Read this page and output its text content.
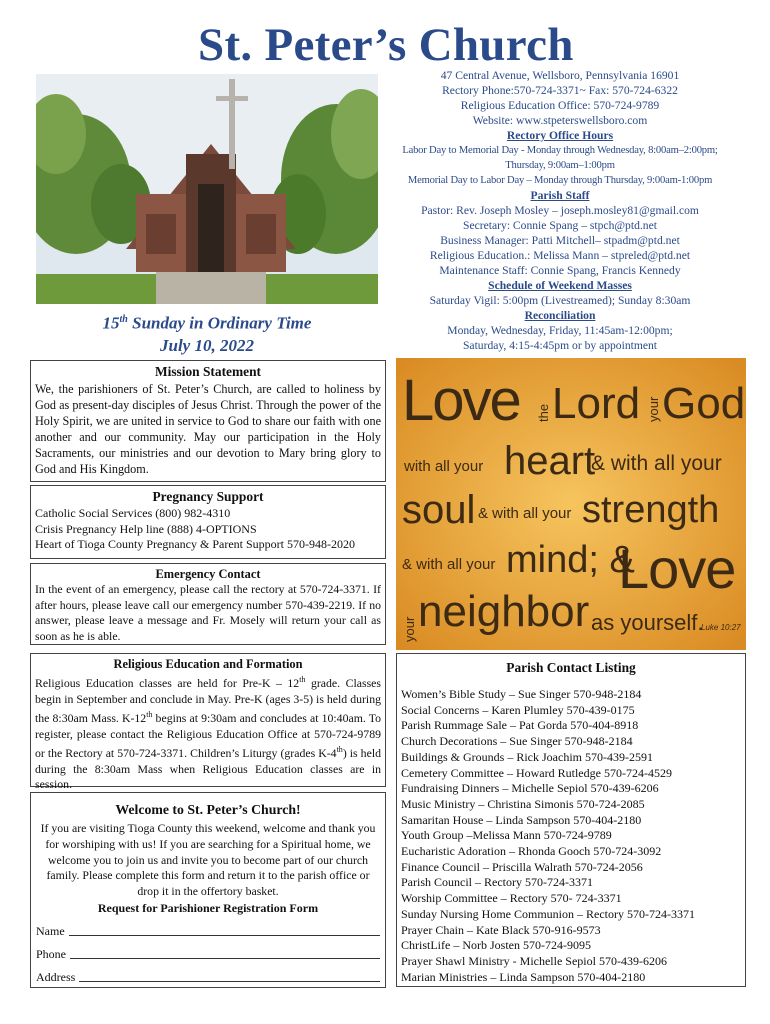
St. Peter’s Church
47 Central Avenue, Wellsboro, Pennsylvania 16901
Rectory Phone:570-724-3371~ Fax: 570-724-6322
Religious Education Office: 570-724-9789
Website: www.stpeterswellsboro.com
Rectory Office Hours
Labor Day to Memorial Day - Monday through Wednesday, 8:00am–2:00pm;
Thursday, 9:00am–1:00pm
Memorial Day to Labor Day – Monday through Thursday, 9:00am-1:00pm
Parish Staff
Pastor: Rev. Joseph Mosley – joseph.mosley81@gmail.com
Secretary: Connie Spang – stpch@ptd.net
Business Manager: Patti Mitchell– stpadm@ptd.net
Religious Education.: Melissa Mann – stpreled@ptd.net
Maintenance Staff: Connie Spang, Francis Kennedy
Schedule of Weekend Masses
Saturday Vigil: 5:00pm (Livestreamed); Sunday 8:30am
Reconciliation
Monday, Wednesday, Friday, 11:45am-12:00pm;
Saturday, 4:15-4:45pm or by appointment
15th Sunday in Ordinary Time
July 10, 2022
Mission Statement

We, the parishioners of St. Peter’s Church, are called to holiness by God as present-day disciples of Jesus Christ. Through the power of the Holy Spirit, we are united in service to God to share our faith with one another and our community. May our participation in the Holy Sacraments, our ministries and our devotion to Mary bring glory to God and His Kingdom.

Pregnancy Support
Catholic Social Services (800) 982-4310
Crisis Pregnancy Help line (888) 4-OPTIONS
Heart of Tioga County Pregnancy & Parent Support 570-948-2020
Emergency Contact

In the event of an emergency, please call the rectory at 570-724-3371. If after hours, please leave call our emergency number 570-439-2219. If no answer, please leave a message and Fr. Mosely will return your call as soon as he is able.

Religious Education and Formation

Religious Education classes are held for Pre-K – 12th grade. Classes begin in September and conclude in May. Pre-K (ages 3-5) is held during the 8:30am Mass. K-12th begins at 9:30am and concludes at 10:40am. To register, please contact the Religious Education Office at 570-724-9789 or the Rectory at 570-724-3371. Children’s Liturgy (grades K-4th) is held during the 8:30am Mass when Religious Education classes are in session.

Welcome to St. Peter’s Church!
If you are visiting Tioga County this weekend, welcome and thank you for worshiping with us! If you are searching for a Spiritual home, we welcome you to join us and invite you to become part of our church family. Please complete this form and return it to the parish office or drop it in the offertory basket.
Request for Parishioner Registration Form
Name
Phone
Address
Love the Lord your God
with all your heart
& with all your
soul & with all your strength
& with all your mind; &
Love
your neighbor as yourself.
Luke 10:27
Parish Contact Listing
Women’s Bible Study – Sue Singer 570-948-2184
Social Concerns – Karen Plumley 570-439-0175
Parish Rummage Sale – Pat Gorda 570-404-8918
Church Decorations – Sue Singer 570-948-2184
Buildings & Grounds – Rick Joachim 570-439-2591
Cemetery Committee – Howard Rutledge 570-724-4529
Fundraising Dinners – Michelle Sepiol 570-439-6206
Music Ministry – Christina Simonis 570-724-2085
Samaritan House – Linda Sampson 570-404-2180
Youth Group –Melissa Mann 570-724-9789
Eucharistic Adoration – Rhonda Gooch 570-724-3092
Finance Council – Priscilla Walrath 570-724-2056
Parish Council – Rectory 570-724-3371
Worship Committee – Rectory 570- 724-3371
Sunday Nursing Home Communion – Rectory 570-724-3371
Prayer Chain – Kate Black 570-916-9573
ChristLife – Norb Josten 570-724-9095
Prayer Shawl Ministry - Michelle Sepiol 570-439-6206
Marian Ministries – Linda Sampson 570-404-2180
